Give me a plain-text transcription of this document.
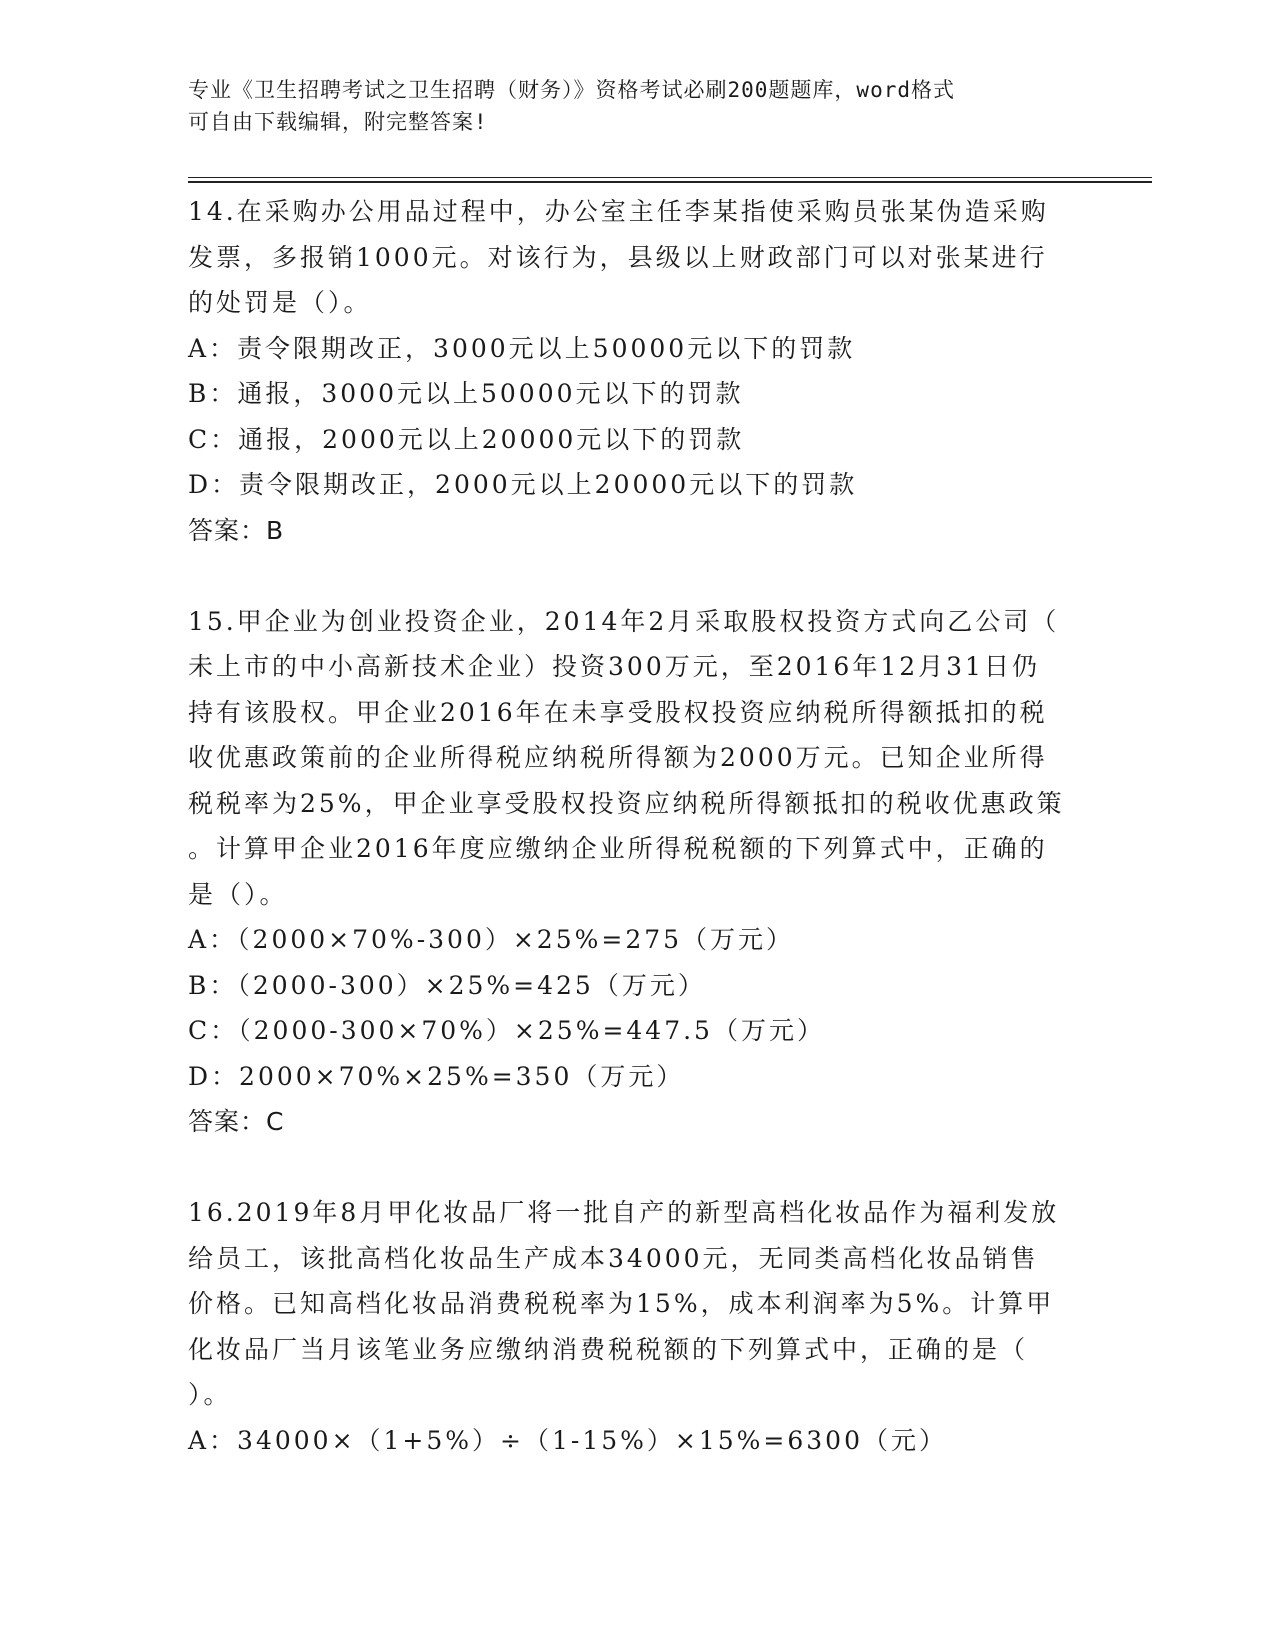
专业《卫生招聘考试之卫生招聘（财务）》资格考试必刷200题题库，word格式
可自由下载编辑，附完整答案!

14.在采购办公用品过程中，办公室主任李某指使采购员张某伪造采购

发票，多报销1000元。对该行为，县级以上财政部门可以对张某进行

的处罚是（）。

A：责令限期改正，3000元以上50000元以下的罚款

B：通报，3000元以上50000元以下的罚款

C：通报，2000元以上20000元以下的罚款

D：责令限期改正，2000元以上20000元以下的罚款

答案：B

15.甲企业为创业投资企业，2014年2月采取股权投资方式向乙公司（

未上市的中小高新技术企业）投资300万元，至2016年12月31日仍

持有该股权。甲企业2016年在未享受股权投资应纳税所得额抵扣的税

收优惠政策前的企业所得税应纳税所得额为2000万元。已知企业所得

税税率为25%，甲企业享受股权投资应纳税所得额抵扣的税收优惠政策

。计算甲企业2016年度应缴纳企业所得税税额的下列算式中，正确的

是（）。

A：（2000×70%-300）×25%=275（万元）

B：（2000-300）×25%=425（万元）

C：（2000-300×70%）×25%=447.5（万元）

D：2000×70%×25%=350（万元）

答案：C

16.2019年8月甲化妆品厂将一批自产的新型高档化妆品作为福利发放

给员工，该批高档化妆品生产成本34000元，无同类高档化妆品销售

价格。已知高档化妆品消费税税率为15%，成本利润率为5%。计算甲

化妆品厂当月该笔业务应缴纳消费税税额的下列算式中，正确的是（

）。

A：34000×（1+5%）÷（1-15%）×15%=6300（元）
